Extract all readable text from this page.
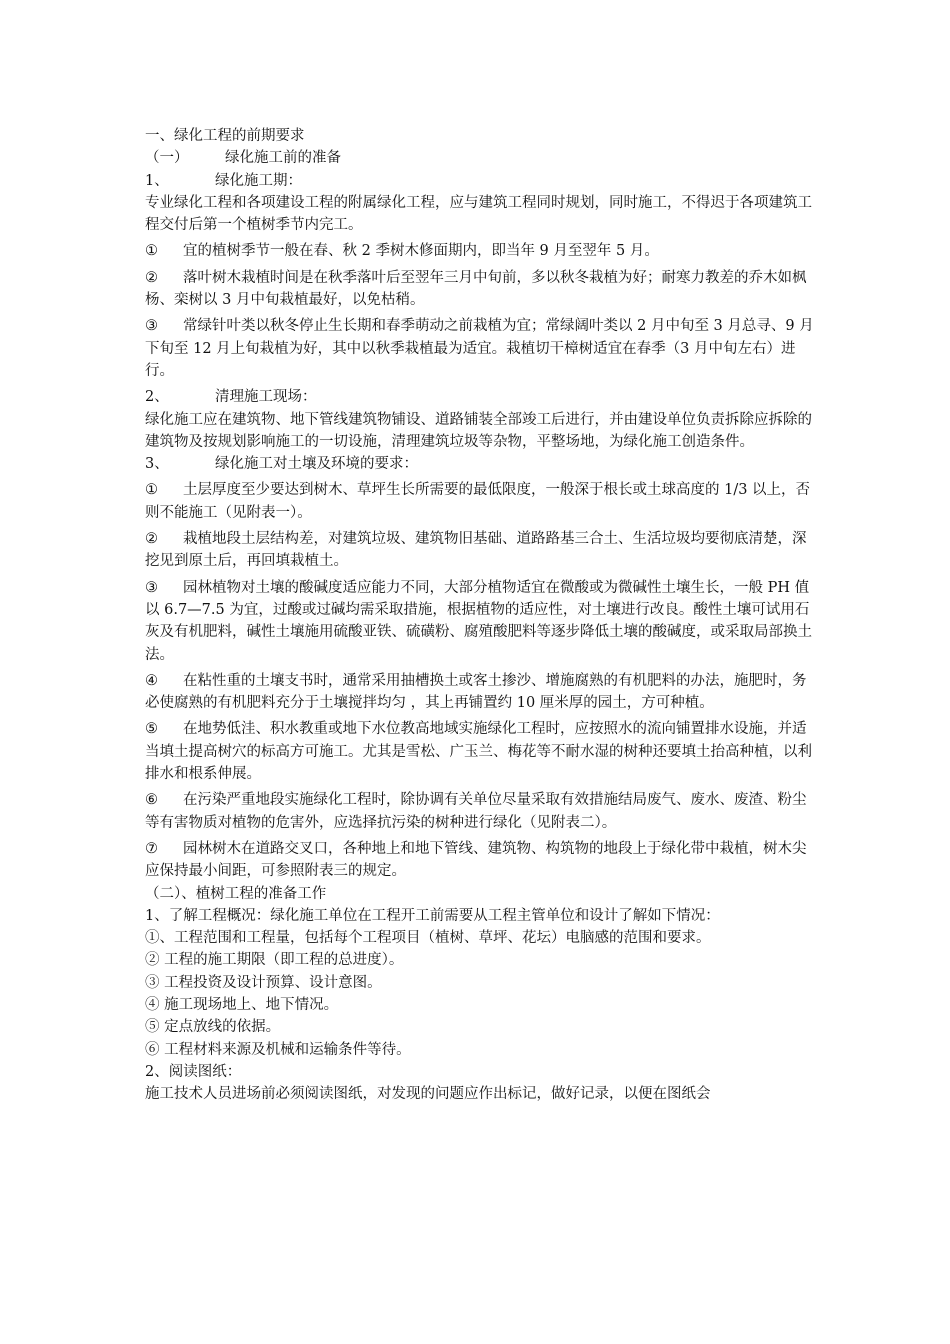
一、绿化工程的前期要求
（一）	绿化施工前的准备
1、	绿化施工期：

专业绿化工程和各项建设工程的附属绿化工程，应与建筑工程同时规划，同时施工，不得迟于各项建筑工程交付后第一个植树季节内完工。

① 宜的植树季节一般在春、秋 2 季树木修面期内，即当年 9 月至翌年 5 月。

② 落叶树木栽植时间是在秋季落叶后至翌年三月中旬前，多以秋冬栽植为好；耐寒力教差的乔木如枫杨、栾树以 3 月中旬栽植最好，以免枯稍。

③ 常绿针叶类以秋冬停止生长期和春季萌动之前栽植为宜；常绿阔叶类以 2 月中旬至 3 月总寻、9 月下旬至 12 月上旬栽植为好，其中以秋季栽植最为适宜。栽植切干樟树适宜在春季（3 月中旬左右）进行。

2、	清理施工现场：

绿化施工应在建筑物、地下管线建筑物铺设、道路铺装全部竣工后进行，并由建设单位负责拆除应拆除的建筑物及按规划影响施工的一切设施，清理建筑垃圾等杂物，平整场地，为绿化施工创造条件。

3、	绿化施工对土壤及环境的要求：

① 土层厚度至少要达到树木、草坪生长所需要的最低限度，一般深于根长或土球高度的 1/3 以上，否则不能施工（见附表一）。

② 栽植地段土层结构差，对建筑垃圾、建筑物旧基础、道路路基三合土、生活垃圾均要彻底清楚，深挖见到原土后，再回填栽植土。

③ 园林植物对土壤的酸碱度适应能力不同，大部分植物适宜在微酸或为微碱性土壤生长，一般 PH 值以 6.7—7.5 为宜，过酸或过碱均需采取措施，根据植物的适应性，对土壤进行改良。酸性土壤可试用石灰及有机肥料，碱性土壤施用硫酸亚铁、硫磺粉、腐殖酸肥料等逐步降低土壤的酸碱度，或采取局部换土法。

④ 在粘性重的土壤支书时，通常采用抽槽换土或客土掺沙、增施腐熟的有机肥料的办法，施肥时，务必使腐熟的有机肥料充分于土壤搅拌均匀 ，其上再铺置约 10 厘米厚的园土，方可种植。

⑤ 在地势低洼、积水教重或地下水位教高地域实施绿化工程时，应按照水的流向铺置排水设施，并适当填土提高树穴的标高方可施工。尤其是雪松、广玉兰、梅花等不耐水湿的树种还要填土抬高种植，以利排水和根系伸展。

⑥ 在污染严重地段实施绿化工程时，除协调有关单位尽量采取有效措施结局废气、废水、废渣、粉尘等有害物质对植物的危害外，应选择抗污染的树种进行绿化（见附表二）。

⑦ 园林树木在道路交叉口，各种地上和地下管线、建筑物、构筑物的地段上于绿化带中栽植，树木尖应保持最小间距，可参照附表三的规定。

（二）、植树工程的准备工作
1、了解工程概况：绿化施工单位在工程开工前需要从工程主管单位和设计了解如下情况：
①、工程范围和工程量，包括每个工程项目（植树、草坪、花坛）电脑感的范围和要求。
② 工程的施工期限（即工程的总进度）。
③ 工程投资及设计预算、设计意图。
④ 施工现场地上、地下情况。
⑤ 定点放线的依据。
⑥ 工程材料来源及机械和运输条件等待。
2、阅读图纸：
施工技术人员进场前必须阅读图纸，对发现的问题应作出标记，做好记录，以便在图纸会
